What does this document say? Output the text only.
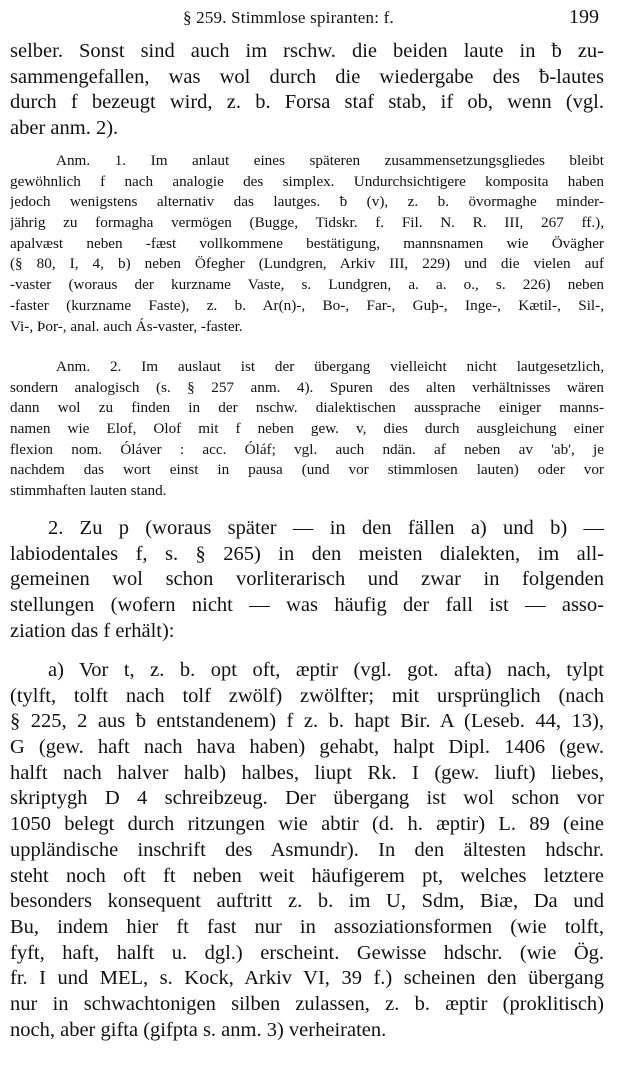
§ 259. Stimmlose spiranten: f.	199
selber. Sonst sind auch im rschw. die beiden laute in ƀ zu-
sammengefallen, was wol durch die wiedergabe des ƀ-lautes
durch f bezeugt wird, z. b. Forsa staf stab, if ob, wenn (vgl.
aber anm. 2).
Anm. 1. Im anlaut eines späteren zusammensetzungsgliedes bleibt
gewöhnlich f nach analogie des simplex. Undurchsichtigere komposita haben
jedoch wenigstens alternativ das lautges. ƀ (v), z. b. övormaghe minder-
jährig zu formagha vermögen (Bugge, Tidskr. f. Fil. N. R. III, 267 ff.),
apalvæst neben -fæst vollkommene bestätigung, mannsnamen wie Övägher
(§ 80, I, 4, b) neben Öfegher (Lundgren, Arkiv III, 229) und die vielen auf
-vaster (woraus der kurzname Vaste, s. Lundgren, a. a. o., s. 226) neben
-faster (kurzname Faste), z. b. Ar(n)-, Bo-, Far-, Guþ-, Inge-, Kætil-, Sil-,
Vi-, Þor-, anal. auch Ás-vaster, -faster.
Anm. 2. Im auslaut ist der übergang vielleicht nicht lautgesetzlich,
sondern analogisch (s. § 257 anm. 4). Spuren des alten verhältnisses wären
dann wol zu finden in der nschw. dialektischen aussprache einiger manns-
namen wie Elof, Olof mit f neben gew. v, dies durch ausgleichung einer
flexion nom. Óláver : acc. Óláf; vgl. auch ndän. af neben av 'ab', je
nachdem das wort einst in pausa (und vor stimmlosen lauten) oder vor
stimmhaften lauten stand.
2. Zu p (woraus später — in den fällen a) und b) —
labiodentales f, s. § 265) in den meisten dialekten, im all-
gemeinen wol schon vorliterarisch und zwar in folgenden
stellungen (wofern nicht — was häufig der fall ist — asso-
ziation das f erhält):
a) Vor t, z. b. opt oft, æptir (vgl. got. afta) nach, tylpt
(tylft, tolft nach tolf zwölf) zwölfter; mit ursprünglich (nach
§ 225, 2 aus ƀ entstandenem) f z. b. hapt Bir. A (Leseb. 44, 13),
G (gew. haft nach hava haben) gehabt, halpt Dipl. 1406 (gew.
halft nach halver halb) halbes, liupt Rk. I (gew. liuft) liebes,
skriptygh D 4 schreibzeug. Der übergang ist wol schon vor
1050 belegt durch ritzungen wie abtir (d. h. æptir) L. 89 (eine
uppländische inschrift des Asmundr). In den ältesten hdschr.
steht noch oft ft neben weit häufigerem pt, welches letztere
besonders konsequent auftritt z. b. im U, Sdm, Biæ, Da und
Bu, indem hier ft fast nur in assoziationsformen (wie tolft,
fyft, haft, halft u. dgl.) erscheint. Gewisse hdschr. (wie Ög.
fr. I und MEL, s. Kock, Arkiv VI, 39 f.) scheinen den übergang
nur in schwachtonigen silben zulassen, z. b. æptir (proklitisch)
noch, aber gifta (gifpta s. anm. 3) verheiraten.
